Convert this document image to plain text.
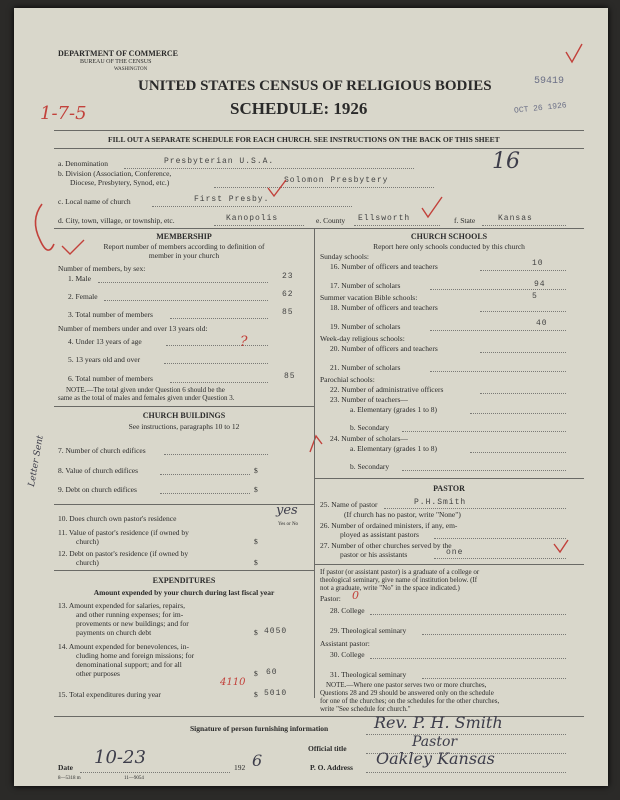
DEPARTMENT OF COMMERCE
BUREAU OF THE CENSUS
WASHINGTON
UNITED STATES CENSUS OF RELIGIOUS BODIES
SCHEDULE: 1926
59419
OCT 26 1926
1-7-5
16
FILL OUT A SEPARATE SCHEDULE FOR EACH CHURCH. SEE INSTRUCTIONS ON THE BACK OF THIS SHEET
a. Denomination	Presbyterian U.S.A.
b. Division (Association, Conference,
Diocese, Presbytery, Synod, etc.)	Solomon Presbytery
c. Local name of church	First Presby.
d. City, town, village, or township, etc.	Kanopolis	e. County Ellsworth	f. State	Kansas
MEMBERSHIP
Report number of members according to definition of
member in your church
Number of members, by sex:
1. Male	23
2. Female	62
3. Total number of members	85
Number of members under and over 13 years old:
4. Under 13 years of age	?
5. 13 years old and over
6. Total number of members	85
NOTE.—The total given under Question 6 should be the
same as the total of males and females given under Question 3.
CHURCH BUILDINGS
See instructions, paragraphs 10 to 12
7. Number of church edifices
8. Value of church edifices	$
9. Debt on church edifices	$
Letter Sent
10. Does church own pastor's residence
Yes or No
yes
11. Value of pastor's residence (if owned by
church)	$
12. Debt on pastor's residence (if owned by
church)	$
EXPENDITURES
Amount expended by your church during last fiscal year
13. Amount expended for salaries, repairs,
and other running expenses; for im-
provements or new buildings; and for
payments on church debt	$ 4050
14. Amount expended for benevolences, in-
cluding home and foreign missions; for
denominational support; and for all
other purposes	$ 60
4110
15. Total expenditures during year	$ 5010
CHURCH SCHOOLS
Report here only schools conducted by this church
Sunday schools:
16. Number of officers and teachers	10
17. Number of scholars	94
Summer vacation Bible schools:
18. Number of officers and teachers
5
19. Number of scholars	40
Week-day religious schools:
20. Number of officers and teachers
21. Number of scholars
Parochial schools:
22. Number of administrative officers
23. Number of teachers—
a. Elementary (grades 1 to 8)
b. Secondary
24. Number of scholars—
a. Elementary (grades 1 to 8)
b. Secondary
PASTOR
25. Name of pastor	P.H.Smith
(If church has no pastor, write "None")
26. Number of ordained ministers, if any, em-
ployed as assistant pastors
27. Number of other churches served by the
pastor or his assistants	one
If pastor (or assistant pastor) is a graduate of a college or
theological seminary, give name of institution below. (If
not a graduate, write "No" in the space indicated.)
Pastor: 0
28. College
29. Theological seminary
Assistant pastor:
30. College
31. Theological seminary
NOTE.—Where one pastor serves two or more churches,
Questions 28 and 29 should be answered only on the schedule
for one of the churches; on the schedules for the other churches,
write "See schedule for church."
Signature of person furnishing information	Rev. P. H. Smith
Official title	Pastor
Date 10-23	192 6	P. O. Address Oakley Kansas
8—5318 m	11—9054
